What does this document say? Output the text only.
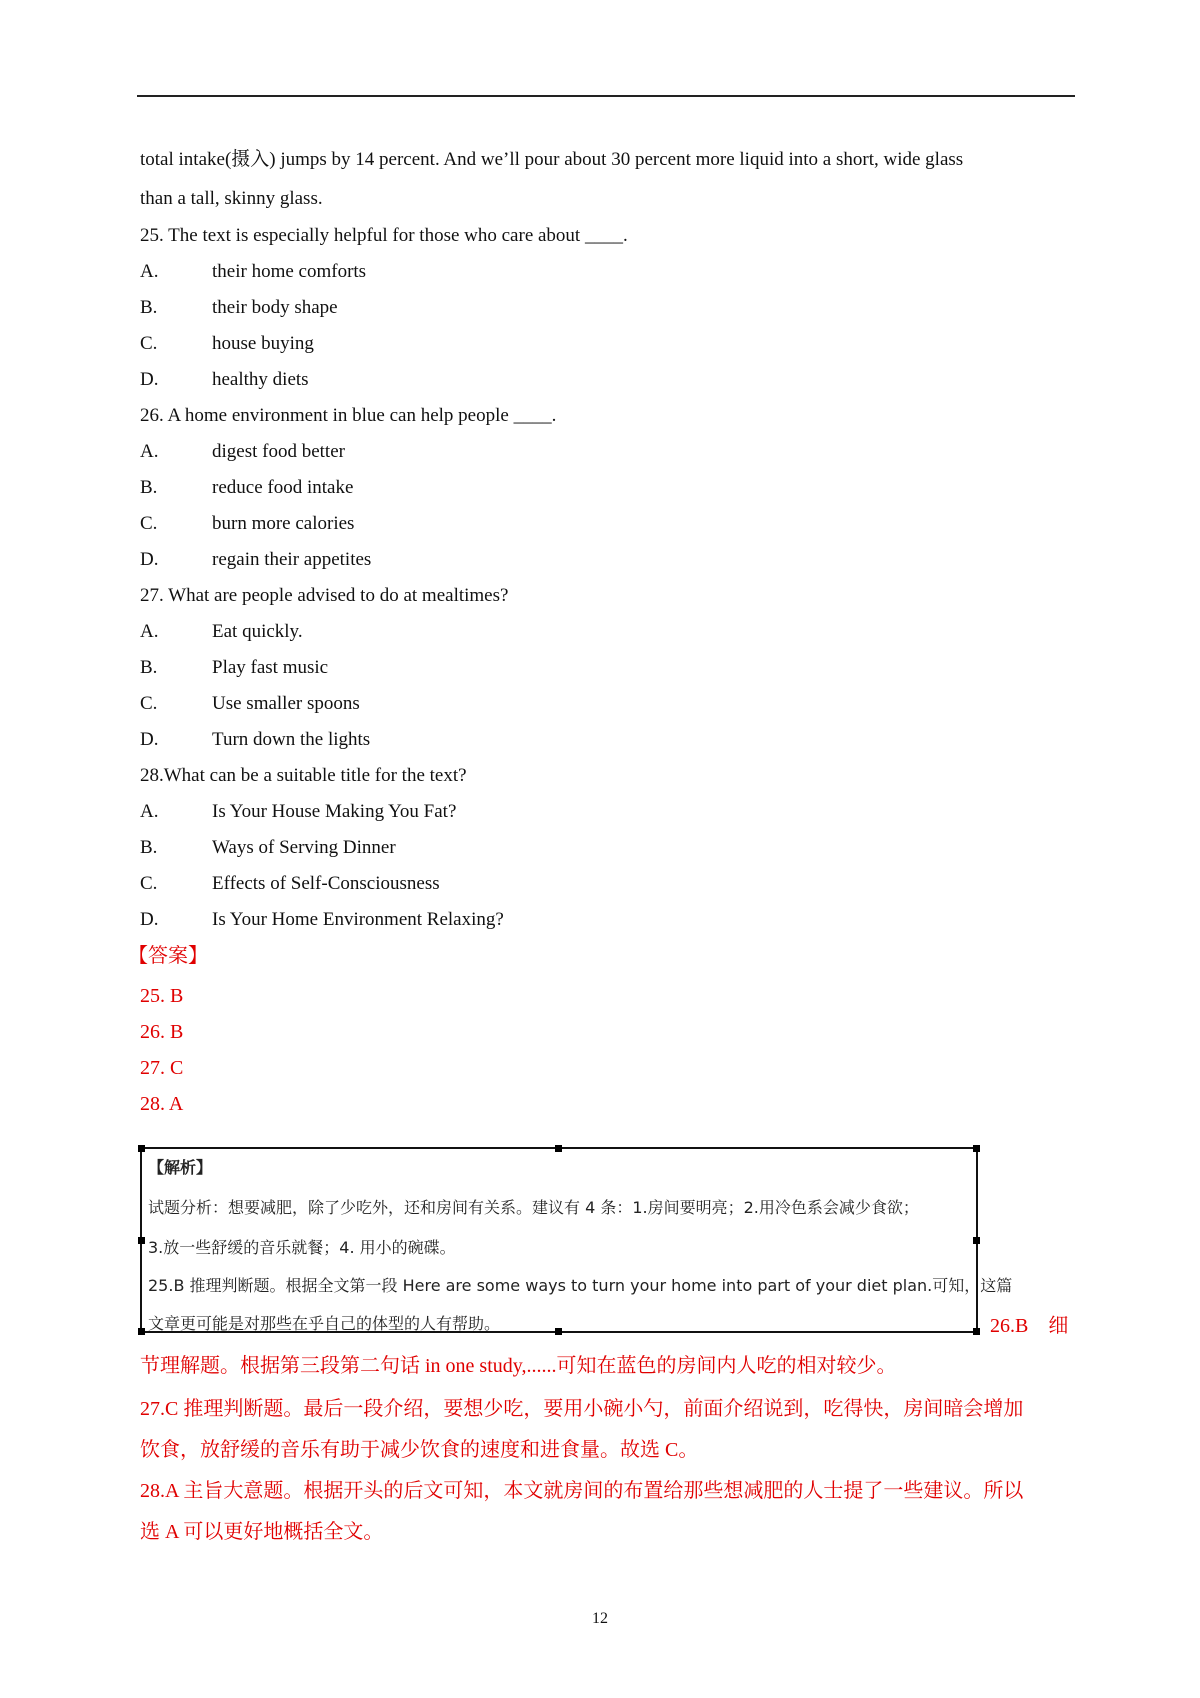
total intake(摄入) jumps by 14 percent. And we’ll pour about 30 percent more liquid into a short, wide glass
than a tall, skinny glass.
25. The text is especially helpful for those who care about ____.
A.	their home comforts
B.	their body shape
C.	house buying
D.	healthy diets
26. A home environment in blue can help people ____.
A.	digest food better
B.	reduce food intake
C.	burn more calories
D.	regain their appetites
27. What are people advised to do at mealtimes?
A.	Eat quickly.
B.	Play fast music
C.	Use smaller spoons
D.	Turn down the lights
28.What can be a suitable title for the text?
A.	Is Your House Making You Fat?
B.	Ways of Serving Dinner
C.	Effects of Self-Consciousness
D.	Is Your Home Environment Relaxing?
【答案】
25. B
26. B
27. C
28. A
【解析】
试题分析：想要减肥，除了少吃外，还和房间有关系。建议有 4 条：1.房间要明亮；2.用冷色系会减少食欲；
3.放一些舒缓的音乐就餐；4. 用小的碗碟。
25.B 推理判断题。根据全文第一段 Here are some ways to turn your home into part of your diet plan.可知，这篇
文章更可能是对那些在乎自己的体型的人有帮助。	26.B　细
节理解题。根据第三段第二句话 in one study,......可知在蓝色的房间内人吃的相对较少。
27.C 推理判断题。最后一段介绍，要想少吃，要用小碗小勺，前面介绍说到，吃得快，房间暗会增加
饮食，放舒缓的音乐有助于减少饮食的速度和进食量。故选 C。
28.A 主旨大意题。根据开头的后文可知，本文就房间的布置给那些想减肥的人士提了一些建议。所以
选 A 可以更好地概括全文。
12
